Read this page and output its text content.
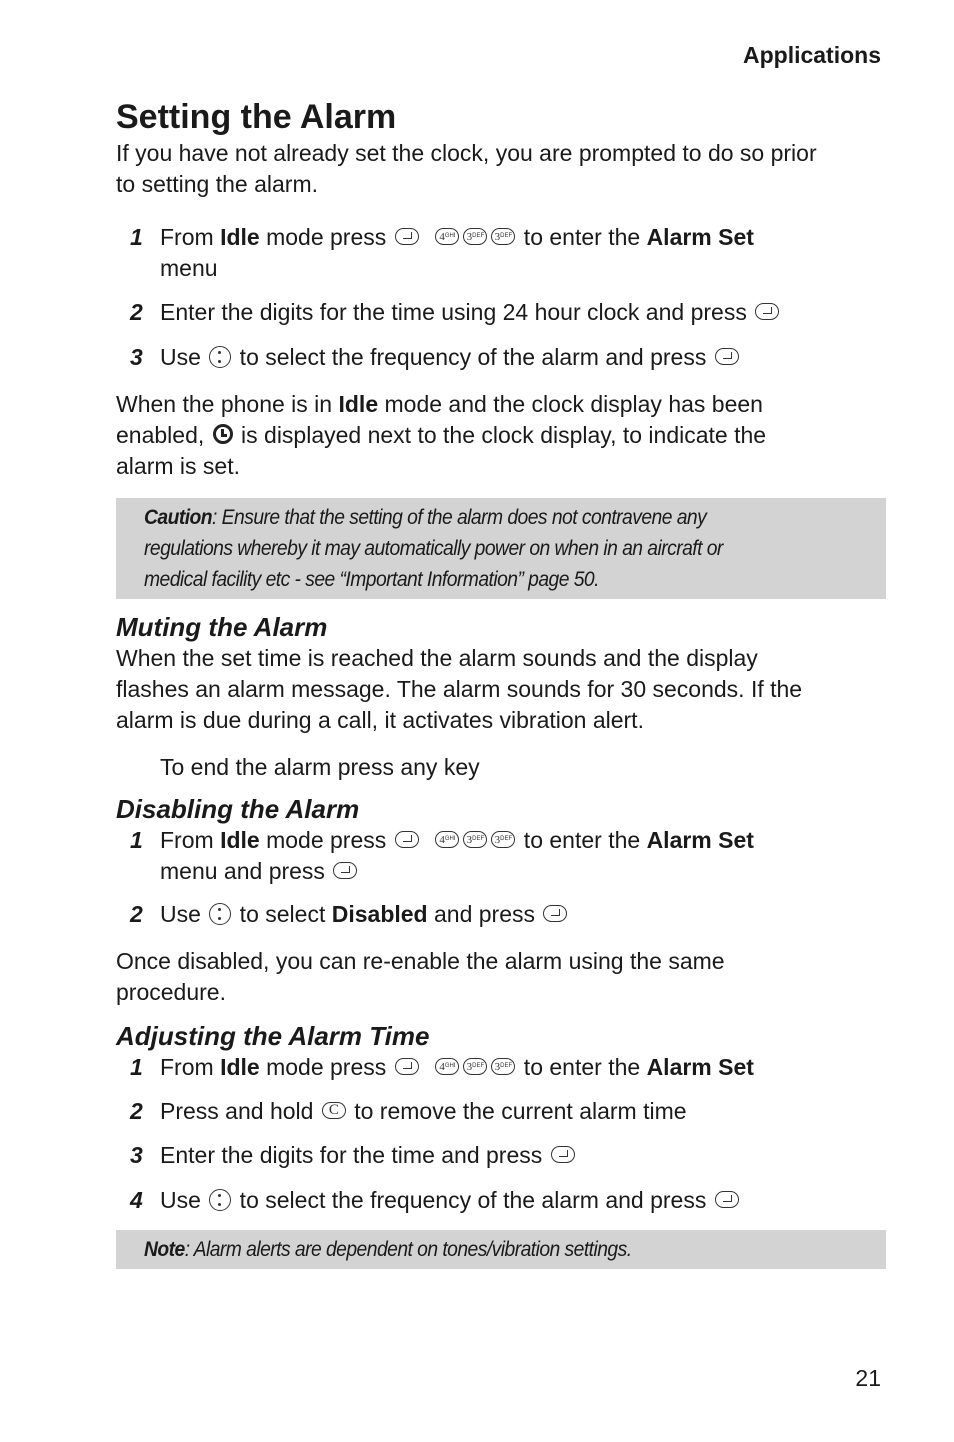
Applications
Setting the Alarm

If you have not already set the clock, you are prompted to do so prior

to setting the alarm.

1 From Idle mode press	$4^{GHI}$ $3^{DEF}$ $3^{DEF}$ to enter the Alarm Set
menu
2 Enter the digits for the time using 24 hour clock and press
3 Use  to select the frequency of the alarm and press

When the phone is in Idle mode and the clock display has been

enabled,  is displayed next to the clock display, to indicate the

alarm is set.

Caution: Ensure that the setting of the alarm does not contravene any

regulations whereby it may automatically power on when in an aircraft or

medical facility etc - see “Important Information” page 50.

Muting the Alarm

When the set time is reached the alarm sounds and the display

flashes an alarm message. The alarm sounds for 30 seconds. If the

alarm is due during a call, it activates vibration alert.

To end the alarm press any key

Disabling the Alarm
1 From Idle mode press	$4^{GHI}$ $3^{DEF}$ $3^{DEF}$ to enter the Alarm Set
menu and press
2 Use  to select Disabled and press

Once disabled, you can re-enable the alarm using the same

procedure.

Adjusting the Alarm Time
1 From Idle mode press	$4^{GHI}$ $3^{DEF}$ $3^{DEF}$ to enter the Alarm Set
2 Press and hold C to remove the current alarm time
3 Enter the digits for the time and press
4 Use  to select the frequency of the alarm and press

Note: Alarm alerts are dependent on tones/vibration settings.

21
